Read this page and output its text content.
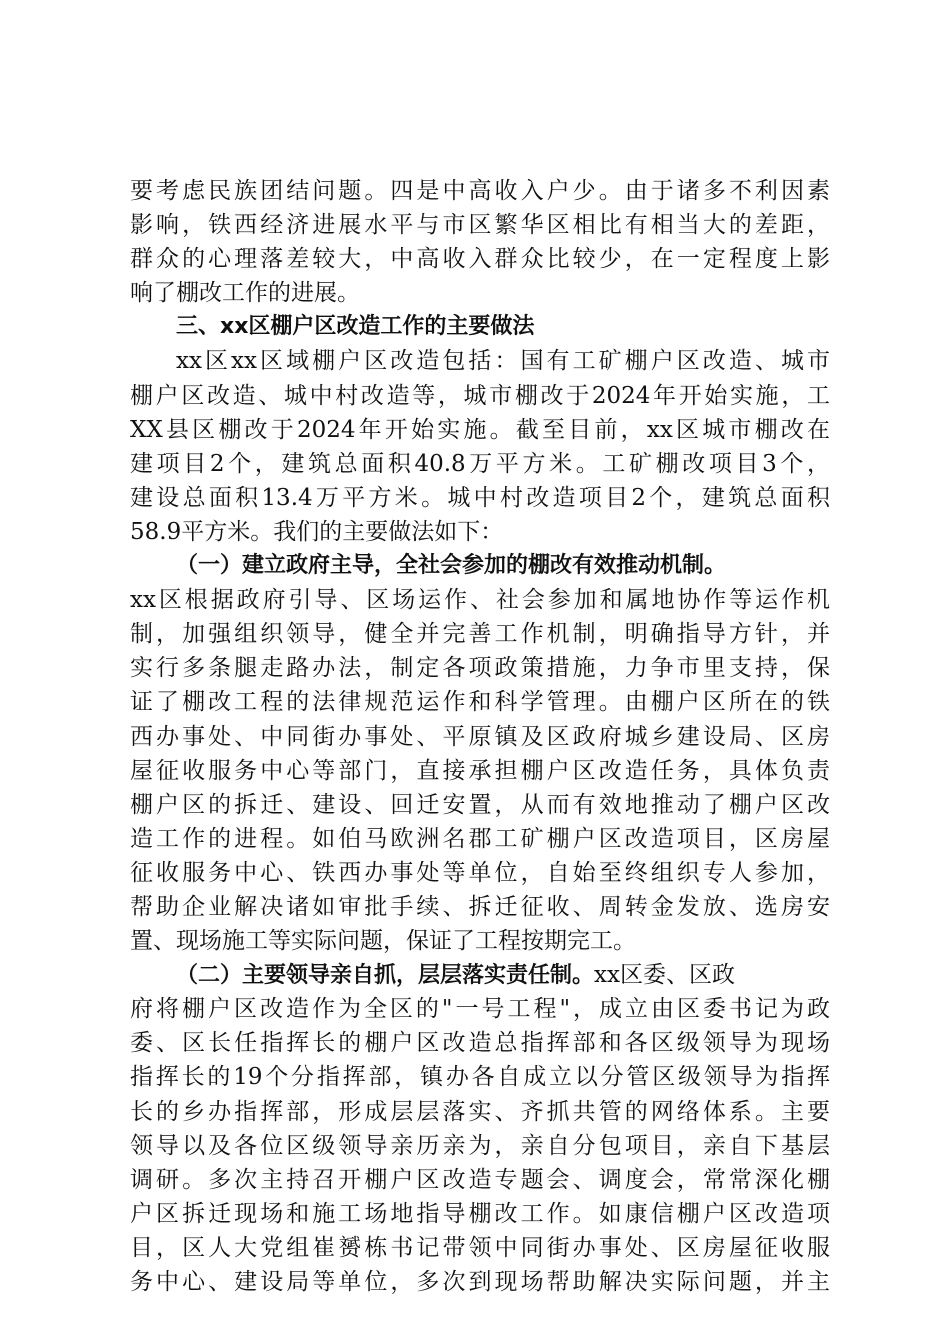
要考虑民族团结问题。四是中高收入户少。由于诸多不利因素
影响，铁西经济进展水平与市区繁华区相比有相当大的差距，
群众的心理落差较大，中高收入群众比较少，在一定程度上影
响了棚改工作的进展。
三、xx区棚户区改造工作的主要做法
xx区xx区域棚户区改造包括：国有工矿棚户区改造、城市
棚户区改造、城中村改造等，城市棚改于2024年开始实施，工
XX县区棚改于2024年开始实施。截至目前，xx区城市棚改在
建项目2个，建筑总面积40.8万平方米。工矿棚改项目3个，
建设总面积13.4万平方米。城中村改造项目2个，建筑总面积
58.9平方米。我们的主要做法如下：
（一）建立政府主导，全社会参加的棚改有效推动机制。
xx区根据政府引导、区场运作、社会参加和属地协作等运作机
制，加强组织领导，健全并完善工作机制，明确指导方针，并
实行多条腿走路办法，制定各项政策措施，力争市里支持，保
证了棚改工程的法律规范运作和科学管理。由棚户区所在的铁
西办事处、中同街办事处、平原镇及区政府城乡建设局、区房
屋征收服务中心等部门，直接承担棚户区改造任务，具体负责
棚户区的拆迁、建设、回迁安置，从而有效地推动了棚户区改
造工作的进程。如伯马欧洲名郡工矿棚户区改造项目，区房屋
征收服务中心、铁西办事处等单位，自始至终组织专人参加，
帮助企业解决诸如审批手续、拆迁征收、周转金发放、选房安
置、现场施工等实际问题，保证了工程按期完工。
（二）主要领导亲自抓，层层落实责任制。xx区委、区政
府将棚户区改造作为全区的"一号工程"，成立由区委书记为政
委、区长任指挥长的棚户区改造总指挥部和各区级领导为现场
指挥长的19个分指挥部，镇办各自成立以分管区级领导为指挥
长的乡办指挥部，形成层层落实、齐抓共管的网络体系。主要
领导以及各位区级领导亲历亲为，亲自分包项目，亲自下基层
调研。多次主持召开棚户区改造专题会、调度会，常常深化棚
户区拆迁现场和施工场地指导棚改工作。如康信棚户区改造项
目，区人大党组崔赟栋书记带领中同街办事处、区房屋征收服
务中心、建设局等单位，多次到现场帮助解决实际问题，并主
